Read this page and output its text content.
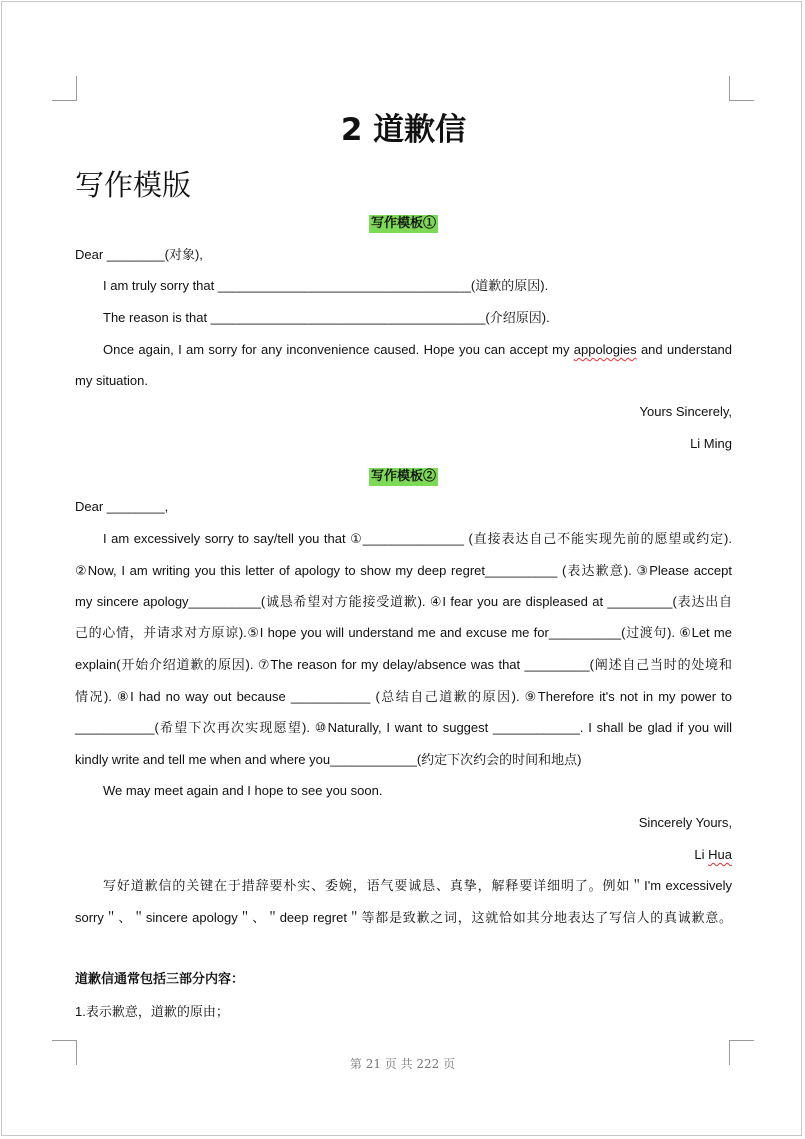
2 道歉信
写作模版
写作模板①
Dear ________(对象),
I am truly sorry that ___________________________________(道歉的原因).
The reason is that ______________________________________(介绍原因).
Once again, I am sorry for any inconvenience caused. Hope you can accept my appologies and understand
my situation.
Yours Sincerely,
Li Ming
写作模板②
Dear ________,
I am excessively sorry to say/tell you that ①______________ (直接表达自己不能实现先前的愿望或约定).
②Now, I am writing you this letter of apology to show my deep regret__________ (表达歉意). ③Please accept
my sincere apology__________(诚恳希望对方能接受道歉). ④I fear you are displeased at _________(表达出自
己的心情，并请求对方原谅).⑤I hope you will understand me and excuse me for__________(过渡句). ⑥Let me
explain(开始介绍道歉的原因). ⑦The reason for my delay/absence was that _________(阐述自己当时的处境和
情况). ⑧I had no way out because ___________ (总结自己道歉的原因). ⑨Therefore it's not in my power to
___________(希望下次再次实现愿望). ⑩Naturally, I want to suggest ____________. I shall be glad if you will
kindly write and tell me when and where you____________(约定下次约会的时间和地点)
We may meet again and I hope to see you soon.
Sincerely Yours,
Li Hua
写好道歉信的关键在于措辞要朴实、委婉，语气要诚恳、真挚，解释要详细明了。例如＂I'm excessively
sorry＂、＂sincere apology＂、＂deep regret＂等都是致歉之词，这就恰如其分地表达了写信人的真诚歉意。
道歉信通常包括三部分内容：
1.表示歉意，道歉的原由；
第 21 页 共 222 页
